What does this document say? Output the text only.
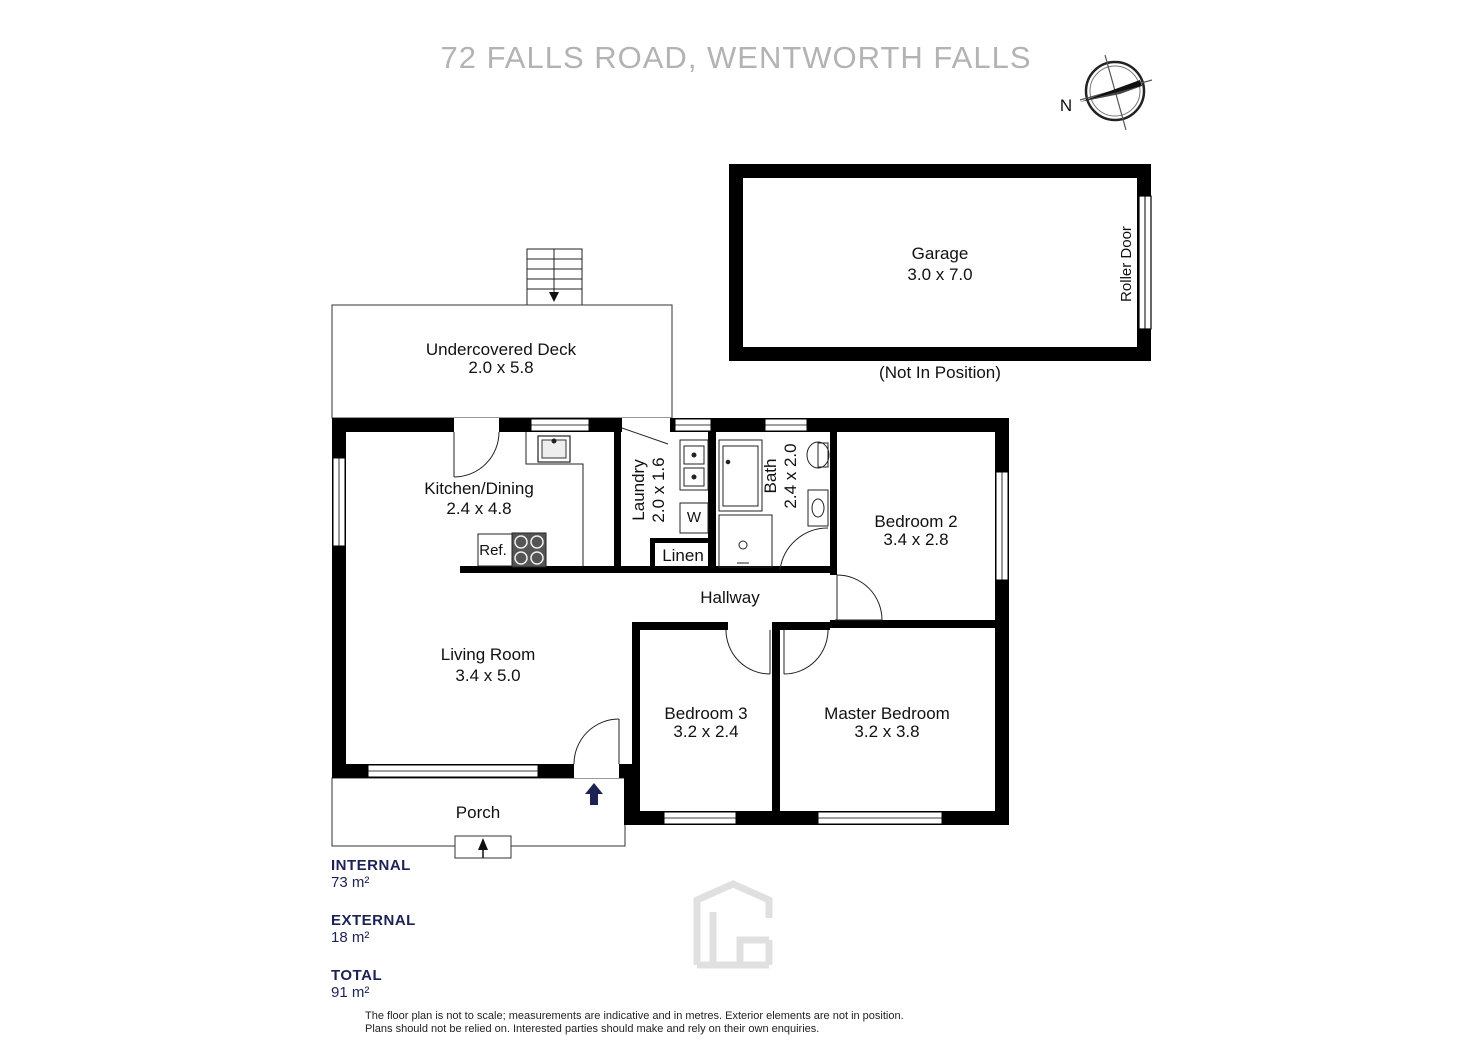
72 FALLS ROAD, WENTWORTH FALLS
N
Garage
3.0 x 7.0	Roller Door
(Not In Position)
Undercovered Deck
2.0 x 5.8
Porch
Ref.
W
Linen
Kitchen/Dining
2.4 x 4.8	Laundry 2.0 x 1.6	Bath 2.4 x 2.0
Bedroom 2
3.4 x 2.8
Hallway
Living Room
3.4 x 5.0
Bedroom 3
3.2 x 2.4
Master Bedroom
3.2 x 3.8
INTERNAL
73 m²
EXTERNAL
18 m²
TOTAL
91 m²
The floor plan is not to scale; measurements are indicative and in metres. Exterior elements are not in position.
Plans should not be relied on. Interested parties should make and rely on their own enquiries.
